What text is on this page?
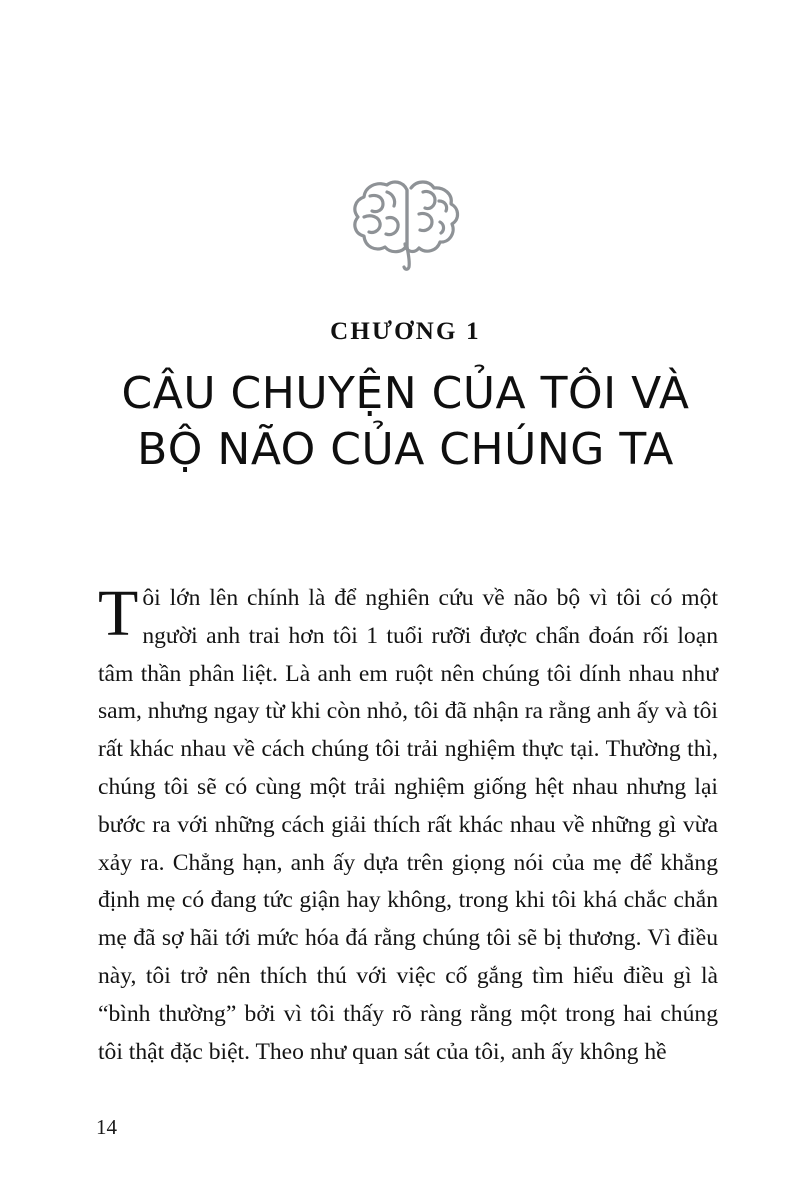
CHƯƠNG 1
CÂU CHUYỆN CỦA TÔI VÀ
BỘ NÃO CỦA CHÚNG TA

Tôi lớn lên chính là để nghiên cứu về não bộ vì tôi có một người anh trai hơn tôi 1 tuổi rưỡi được chẩn đoán rối loạn tâm thần phân liệt. Là anh em ruột nên chúng tôi dính nhau như sam, nhưng ngay từ khi còn nhỏ, tôi đã nhận ra rằng anh ấy và tôi rất khác nhau về cách chúng tôi trải nghiệm thực tại. Thường thì, chúng tôi sẽ có cùng một trải nghiệm giống hệt nhau nhưng lại bước ra với những cách giải thích rất khác nhau về những gì vừa xảy ra. Chẳng hạn, anh ấy dựa trên giọng nói của mẹ để khẳng định mẹ có đang tức giận hay không, trong khi tôi khá chắc chắn mẹ đã sợ hãi tới mức hóa đá rằng chúng tôi sẽ bị thương. Vì điều này, tôi trở nên thích thú với việc cố gắng tìm hiểu điều gì là “bình thường” bởi vì tôi thấy rõ ràng rằng một trong hai chúng tôi thật đặc biệt. Theo như quan sát của tôi, anh ấy không hề

14
